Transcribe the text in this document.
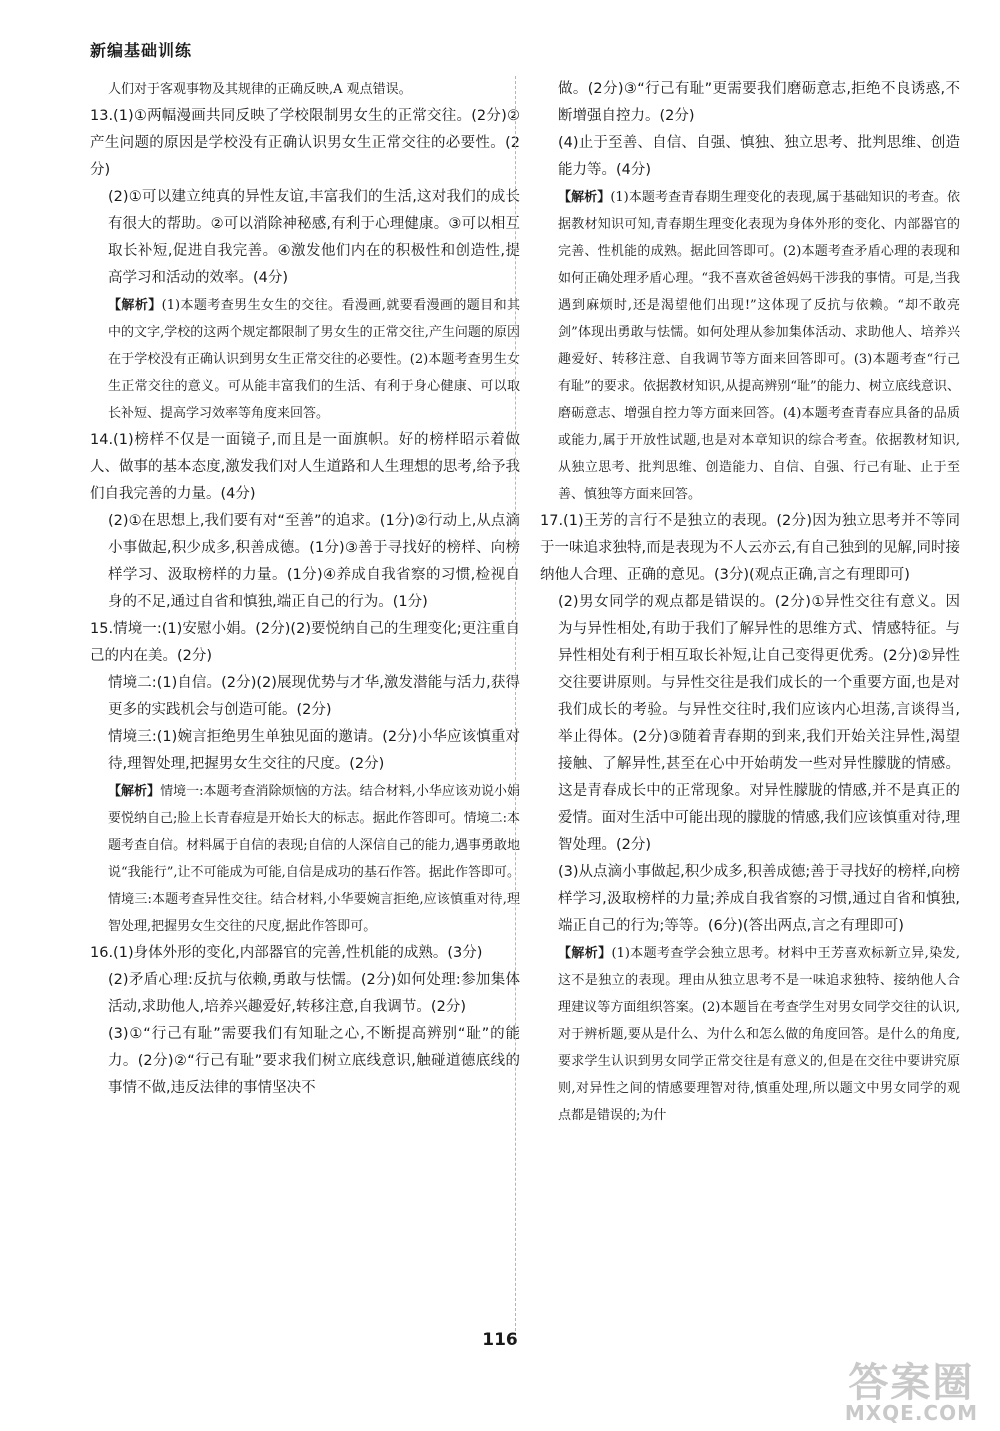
新编基础训练

人们对于客观事物及其规律的正确反映,A 观点错误。

13.(1)①两幅漫画共同反映了学校限制男女生的正常交往。(2分)②产生问题的原因是学校没有正确认识男女生正常交往的必要性。(2分)

(2)①可以建立纯真的异性友谊,丰富我们的生活,这对我们的成长有很大的帮助。②可以消除神秘感,有利于心理健康。③可以相互取长补短,促进自我完善。④激发他们内在的积极性和创造性,提高学习和活动的效率。(4分)

【解析】(1)本题考查男生女生的交往。看漫画,就要看漫画的题目和其中的文字,学校的这两个规定都限制了男女生的正常交往,产生问题的原因在于学校没有正确认识到男女生正常交往的必要性。(2)本题考查男生女生正常交往的意义。可从能丰富我们的生活、有利于身心健康、可以取长补短、提高学习效率等角度来回答。

14.(1)榜样不仅是一面镜子,而且是一面旗帜。好的榜样昭示着做人、做事的基本态度,激发我们对人生道路和人生理想的思考,给予我们自我完善的力量。(4分)

(2)①在思想上,我们要有对“至善”的追求。(1分)②行动上,从点滴小事做起,积少成多,积善成德。(1分)③善于寻找好的榜样、向榜样学习、汲取榜样的力量。(1分)④养成自我省察的习惯,检视自身的不足,通过自省和慎独,端正自己的行为。(1分)

15.情境一:(1)安慰小娟。(2分)(2)要悦纳自己的生理变化;更注重自己的内在美。(2分)

情境二:(1)自信。(2分)(2)展现优势与才华,激发潜能与活力,获得更多的实践机会与创造可能。(2分)

情境三:(1)婉言拒绝男生单独见面的邀请。(2分)小华应该慎重对待,理智处理,把握男女生交往的尺度。(2分)

【解析】情境一:本题考查消除烦恼的方法。结合材料,小华应该劝说小娟要悦纳自己;脸上长青春痘是开始长大的标志。据此作答即可。情境二:本题考查自信。材料属于自信的表现;自信的人深信自己的能力,遇事勇敢地说“我能行”,让不可能成为可能,自信是成功的基石作答。据此作答即可。情境三:本题考查异性交往。结合材料,小华要婉言拒绝,应该慎重对待,理智处理,把握男女生交往的尺度,据此作答即可。

16.(1)身体外形的变化,内部器官的完善,性机能的成熟。(3分)

(2)矛盾心理:反抗与依赖,勇敢与怯懦。(2分)如何处理:参加集体活动,求助他人,培养兴趣爱好,转移注意,自我调节。(2分)

(3)①“行己有耻”需要我们有知耻之心,不断提高辨别“耻”的能力。(2分)②“行己有耻”要求我们树立底线意识,触碰道德底线的事情不做,违反法律的事情坚决不

做。(2分)③“行己有耻”更需要我们磨砺意志,拒绝不良诱惑,不断增强自控力。(2分)

(4)止于至善、自信、自强、慎独、独立思考、批判思维、创造能力等。(4分)

【解析】(1)本题考查青春期生理变化的表现,属于基础知识的考查。依据教材知识可知,青春期生理变化表现为身体外形的变化、内部器官的完善、性机能的成熟。据此回答即可。(2)本题考查矛盾心理的表现和如何正确处理矛盾心理。“我不喜欢爸爸妈妈干涉我的事情。可是,当我遇到麻烦时,还是渴望他们出现!”这体现了反抗与依赖。“却不敢亮剑”体现出勇敢与怯懦。如何处理从参加集体活动、求助他人、培养兴趣爱好、转移注意、自我调节等方面来回答即可。(3)本题考查“行己有耻”的要求。依据教材知识,从提高辨别“耻”的能力、树立底线意识、磨砺意志、增强自控力等方面来回答。(4)本题考查青春应具备的品质或能力,属于开放性试题,也是对本章知识的综合考查。依据教材知识,从独立思考、批判思维、创造能力、自信、自强、行己有耻、止于至善、慎独等方面来回答。

17.(1)王芳的言行不是独立的表现。(2分)因为独立思考并不等同于一味追求独特,而是表现为不人云亦云,有自己独到的见解,同时接纳他人合理、正确的意见。(3分)(观点正确,言之有理即可)

(2)男女同学的观点都是错误的。(2分)①异性交往有意义。因为与异性相处,有助于我们了解异性的思维方式、情感特征。与异性相处有利于相互取长补短,让自己变得更优秀。(2分)②异性交往要讲原则。与异性交往是我们成长的一个重要方面,也是对我们成长的考验。与异性交往时,我们应该内心坦荡,言谈得当,举止得体。(2分)③随着青春期的到来,我们开始关注异性,渴望接触、了解异性,甚至在心中开始萌发一些对异性朦胧的情感。这是青春成长中的正常现象。对异性朦胧的情感,并不是真正的爱情。面对生活中可能出现的朦胧的情感,我们应该慎重对待,理智处理。(2分)

(3)从点滴小事做起,积少成多,积善成德;善于寻找好的榜样,向榜样学习,汲取榜样的力量;养成自我省察的习惯,通过自省和慎独,端正自己的行为;等等。(6分)(答出两点,言之有理即可)

【解析】(1)本题考查学会独立思考。材料中王芳喜欢标新立异,染发,这不是独立的表现。理由从独立思考不是一味追求独特、接纳他人合理建议等方面组织答案。(2)本题旨在考查学生对男女同学交往的认识,对于辨析题,要从是什么、为什么和怎么做的角度回答。是什么的角度,要求学生认识到男女同学正常交往是有意义的,但是在交往中要讲究原则,对异性之间的情感要理智对待,慎重处理,所以题文中男女同学的观点都是错误的;为什

116
答案圈
MXQE.COM
